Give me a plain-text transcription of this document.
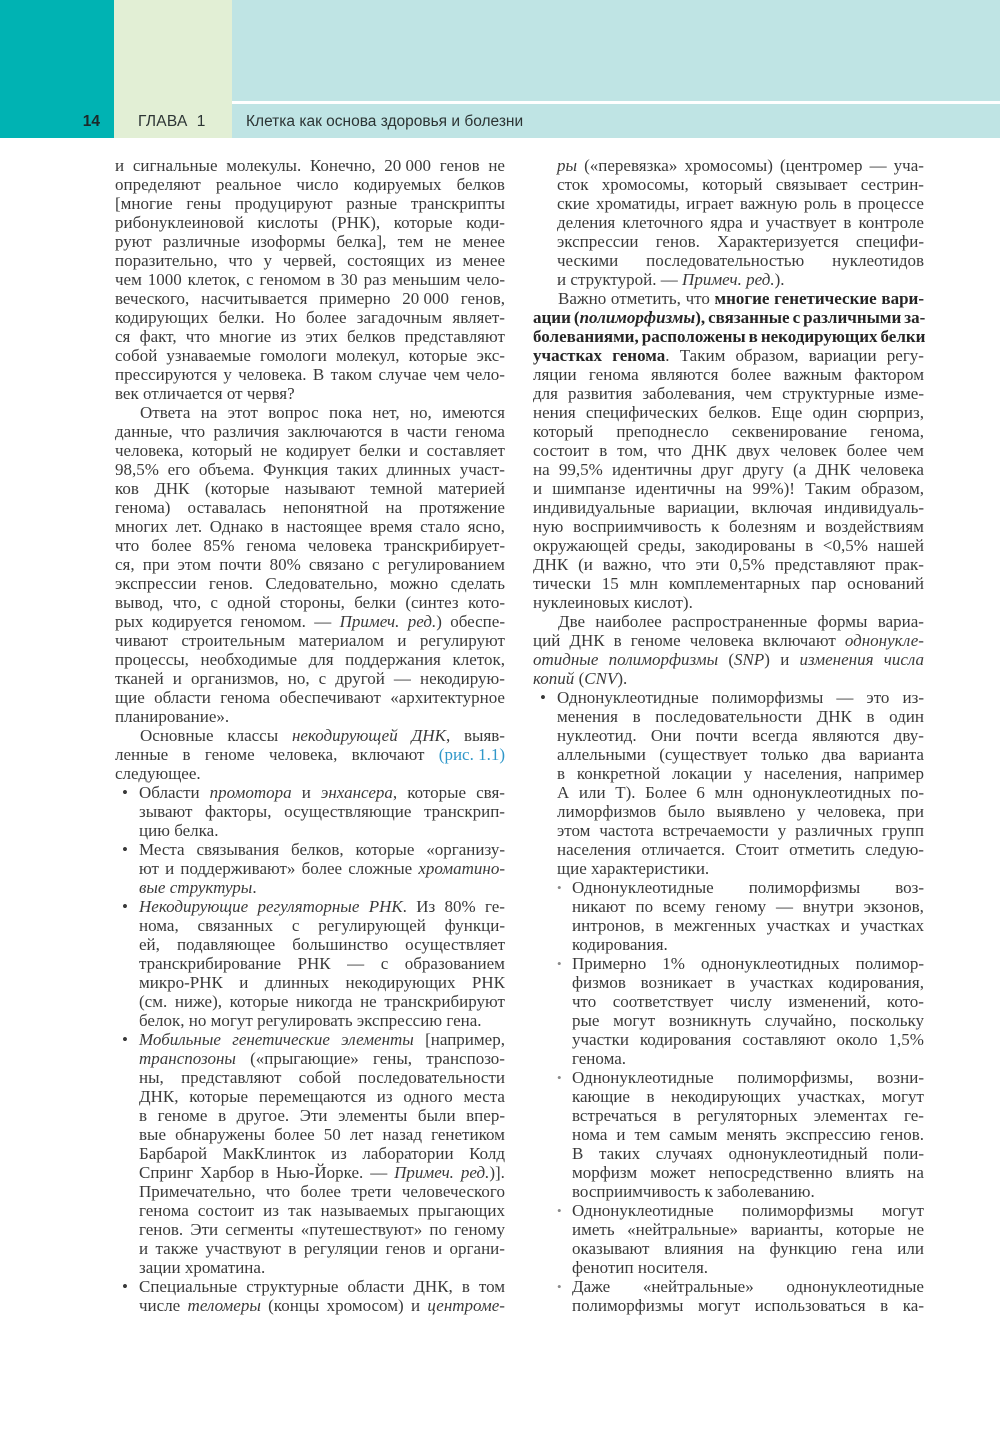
14 ГЛАВА 1	Клетка как основа здоровья и болезни
и сигнальные молекулы. Конечно, 20 000 генов не
определяют реальное число кодируемых белков
[многие гены продуцируют разные транскрипты
рибонуклеиновой кислоты (РНК), которые коди-
руют различные изоформы белка], тем не менее
поразительно, что у червей, состоящих из менее
чем 1000 клеток, с геномом в 30 раз меньшим чело-
веческого, насчитывается примерно 20 000 генов,
кодирующих белки. Но более загадочным являет-
ся факт, что многие из этих белков представляют
собой узнаваемые гомологи молекул, которые экс-
прессируются у человека. В таком случае чем чело-
век отличается от червя?
Ответа на этот вопрос пока нет, но, имеются
данные, что различия заключаются в части генома
человека, который не кодирует белки и составляет
98,5% его объема. Функция таких длинных участ-
ков ДНК (которые называют темной материей
генома) оставалась непонятной на протяжение
многих лет. Однако в настоящее время стало ясно,
что более 85% генома человека транскрибирует-
ся, при этом почти 80% связано с регулированием
экспрессии генов. Следовательно, можно сделать
вывод, что, с одной стороны, белки (синтез кото-
рых кодируется геномом. — Примеч. ред.) обеспе-
чивают строительным материалом и регулируют
процессы, необходимые для поддержания клеток,
тканей и организмов, но, с другой — некодирую-
щие области генома обеспечивают «архитектурное
планирование».
Основные классы некодирующей ДНК, выяв-
ленные в геноме человека, включают (рис. 1.1)
следующее.
• Области промотора и энхансера, которые свя-
зывают факторы, осуществляющие транскрип-
цию белка.
• Места связывания белков, которые «организу-
ют и поддерживают» более сложные хроматино-
вые структуры.
• Некодирующие регуляторные РНК. Из 80% ге-
нома, связанных с регулирующей функци-
ей, подавляющее большинство осуществляет
транскрибирование РНК — с образованием
микро-РНК и длинных некодирующих РНК
(см. ниже), которые никогда не транскрибируют
белок, но могут регулировать экспрессию гена.
• Мобильные генетические элементы [например,
транспозоны («прыгающие» гены, транспозо-
ны, представляют собой последовательности
ДНК, которые перемещаются из одного места
в геноме в другое. Эти элементы были впер-
вые обнаружены более 50 лет назад генетиком
Барбарой МакКлинток из лаборатории Колд
Спринг Харбор в Нью-Йорке. — Примеч. ред.)].
Примечательно, что более трети человеческого
генома состоит из так называемых прыгающих
генов. Эти сегменты «путешествуют» по геному
и также участвуют в регуляции генов и органи-
зации хроматина.
• Специальные структурные области ДНК, в том
числе теломеры (концы хромосом) и центроме-
ры («перевязка» хромосомы) (центромер — уча-
сток хромосомы, который связывает сестрин-
ские хроматиды, играет важную роль в процессе
деления клеточного ядра и участвует в контроле
экспрессии генов. Характеризуется специфи-
ческими последовательностью нуклеотидов
и структурой. — Примеч. ред.).
Важно отметить, что многие генетические вари-
ации (полиморфизмы), связанные с различными за-
болеваниями, расположены в некодирующих белки
участках генома. Таким образом, вариации регу-
ляции генома являются более важным фактором
для развития заболевания, чем структурные изме-
нения специфических белков. Еще один сюрприз,
который преподнесло секвенирование генома,
состоит в том, что ДНК двух человек более чем
на 99,5% идентичны друг другу (а ДНК человека
и шимпанзе идентичны на 99%)! Таким образом,
индивидуальные вариации, включая индивидуаль-
ную восприимчивость к болезням и воздействиям
окружающей среды, закодированы в <0,5% нашей
ДНК (и важно, что эти 0,5% представляют прак-
тически 15 млн комплементарных пар оснований
нуклеиновых кислот).
Две наиболее распространенные формы вариа-
ций ДНК в геноме человека включают однонукле-
отидные полиморфизмы (SNP) и изменения числа
копий (CNV).
• Однонуклеотидные полиморфизмы — это из-
менения в последовательности ДНК в один
нуклеотид. Они почти всегда являются дву-
аллельными (существует только два варианта
в конкретной локации у населения, например
А или Т). Более 6 млн однонуклеотидных по-
лиморфизмов было выявлено у человека, при
этом частота встречаемости у различных групп
населения отличается. Стоит отметить следую-
щие характеристики.
• Однонуклеотидные полиморфизмы воз-
никают по всему геному — внутри экзонов,
интронов, в межгенных участках и участках
кодирования.
• Примерно 1% однонуклеотидных полимор-
физмов возникает в участках кодирования,
что соответствует числу изменений, кото-
рые могут возникнуть случайно, поскольку
участки кодирования составляют около 1,5%
генома.
• Однонуклеотидные полиморфизмы, возни-
кающие в некодирующих участках, могут
встречаться в регуляторных элементах ге-
нома и тем самым менять экспрессию генов.
В таких случаях однонуклеотидный поли-
морфизм может непосредственно влиять на
восприимчивость к заболеванию.
• Однонуклеотидные полиморфизмы могут
иметь «нейтральные» варианты, которые не
оказывают влияния на функцию гена или
фенотип носителя.
• Даже «нейтральные» однонуклеотидные
полиморфизмы могут использоваться в ка-
